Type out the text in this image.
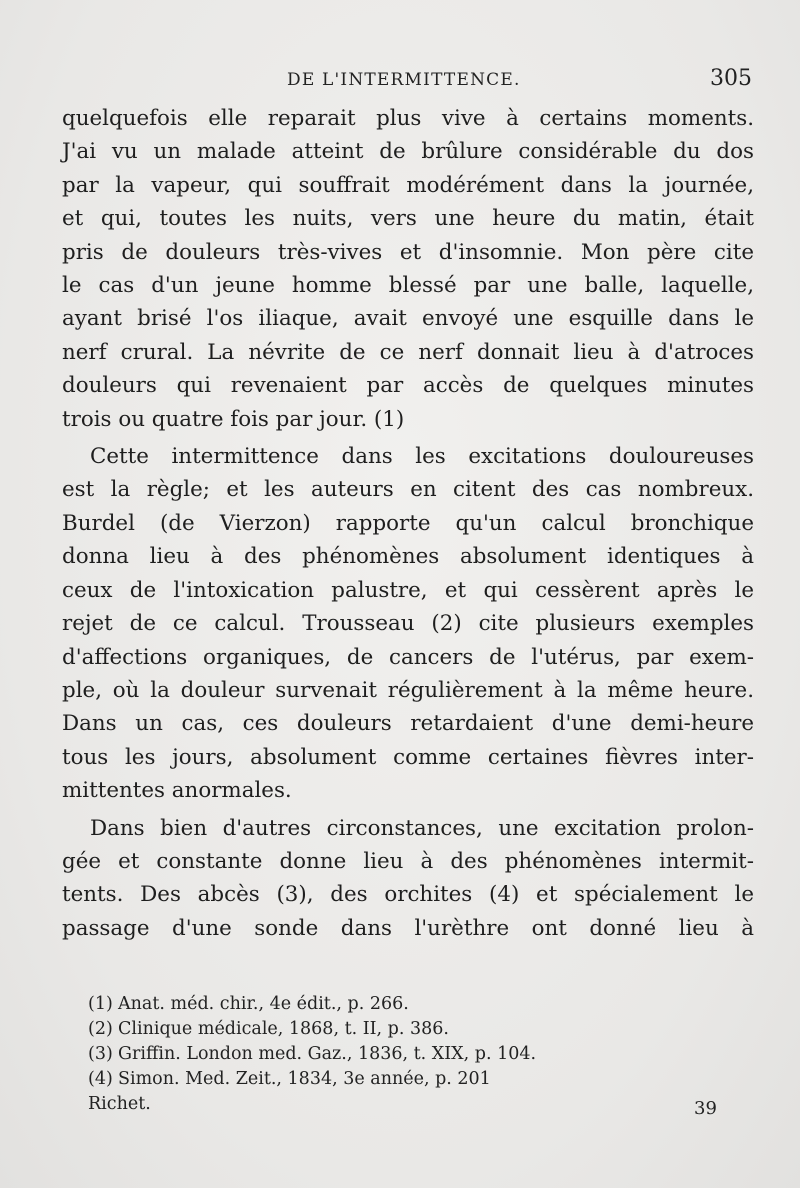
DE L'INTERMITTENCE.	305

quelquefois elle reparait plus vive à certains moments.
J'ai vu un malade atteint de brûlure considérable du dos
par la vapeur, qui souffrait modérément dans la journée,
et qui, toutes les nuits, vers une heure du matin, était
pris de douleurs très-vives et d'insomnie. Mon père cite
le cas d'un jeune homme blessé par une balle, laquelle,
ayant brisé l'os iliaque, avait envoyé une esquille dans le
nerf crural. La névrite de ce nerf donnait lieu à d'atroces
douleurs qui revenaient par accès de quelques minutes
trois ou quatre fois par jour. (1)

Cette intermittence dans les excitations douloureuses
est la règle; et les auteurs en citent des cas nombreux.
Burdel (de Vierzon) rapporte qu'un calcul bronchique
donna lieu à des phénomènes absolument identiques à
ceux de l'intoxication palustre, et qui cessèrent après le
rejet de ce calcul. Trousseau (2) cite plusieurs exemples
d'affections organiques, de cancers de l'utérus, par exem-
ple, où la douleur survenait régulièrement à la même heure.
Dans un cas, ces douleurs retardaient d'une demi-heure
tous les jours, absolument comme certaines fièvres inter-
mittentes anormales.

Dans bien d'autres circonstances, une excitation prolon-
gée et constante donne lieu à des phénomènes intermit-
tents. Des abcès (3), des orchites (4) et spécialement le
passage d'une sonde dans l'urèthre ont donné lieu à

(1) Anat. méd. chir., 4e édit., p. 266.
(2) Clinique médicale, 1868, t. II, p. 386.
(3) Griffin. London med. Gaz., 1836, t. XIX, p. 104.
(4) Simon. Med. Zeit., 1834, 3e année, p. 201
Richet.	39
